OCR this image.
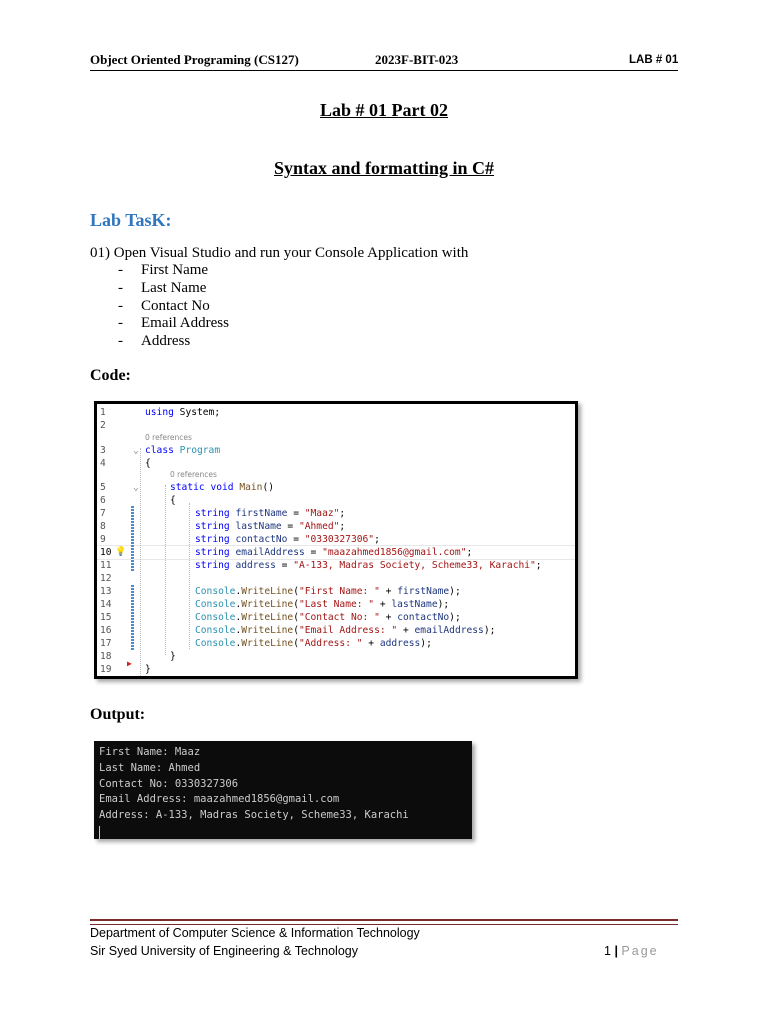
Object Oriented Programing (CS127)	2023F-BIT-023	LAB # 01
Lab # 01 Part 02
Syntax and formatting in C#
Lab TasK:
01) Open Visual Studio and run your Console Application with
- First Name
- Last Name
- Contact No
- Email Address
- Address
Code:
1	using System;
2
0 references
3	⌄ class Program
4	{
0 references
5	⌄	static void Main()
6	{
7	string firstName = "Maaz";
8	string lastName = "Ahmed";
9	string contactNo = "0330327306";
10 💡	string emailAddress = "maazahmed1856@gmail.com";
11	string address = "A-133, Madras Society, Scheme33, Karachi";
12
13	Console.WriteLine("First Name: " + firstName);
14	Console.WriteLine("Last Name: " + lastName);
15	Console.WriteLine("Contact No: " + contactNo);
16	Console.WriteLine("Email Address: " + emailAddress);
17	Console.WriteLine("Address: " + address);
18	}
19
▶
}
Output:
First Name: Maaz
Last Name: Ahmed
Contact No: 0330327306
Email Address: maazahmed1856@gmail.com
Address: A-133, Madras Society, Scheme33, Karachi
Department of Computer Science & Information Technology
Sir Syed University of Engineering & Technology	1 | Page
